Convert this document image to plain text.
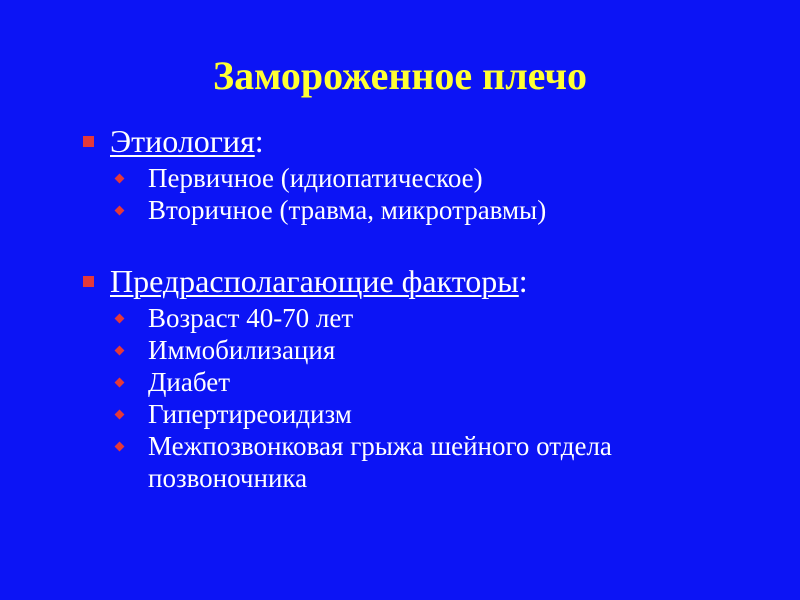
Замороженное плечо
Этиология:
Первичное (идиопатическое)
Вторичное (травма, микротравмы)
Предрасполагающие факторы:
Возраст 40-70 лет
Иммобилизация
Диабет
Гипертиреоидизм
Межпозвонковая грыжа шейного отдела позвоночника
